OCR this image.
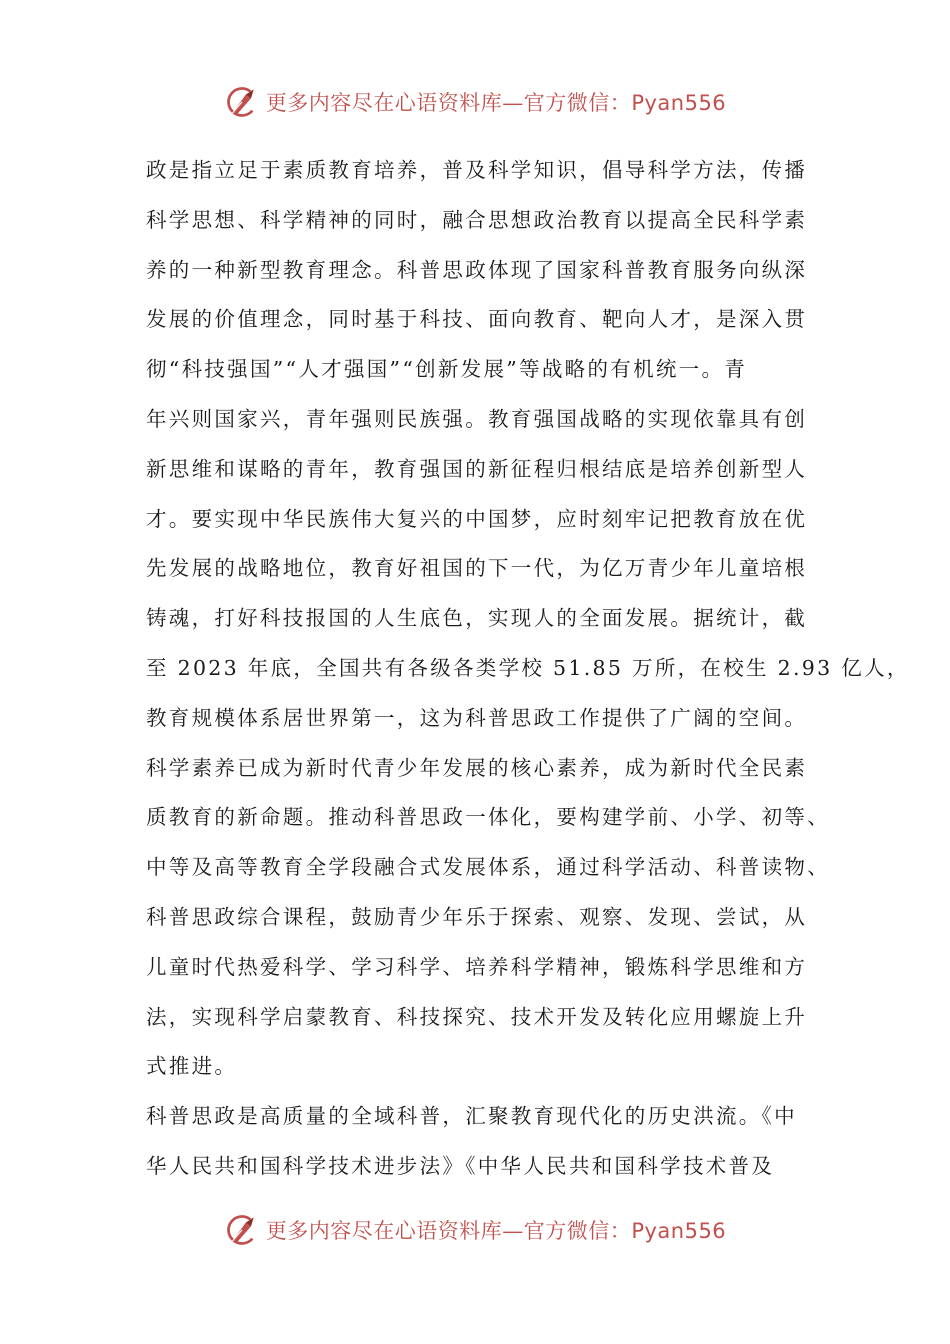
更多内容尽在心语资料库—官方微信：Pyan556
政是指立足于素质教育培养，普及科学知识，倡导科学方法，传播
科学思想、科学精神的同时，融合思想政治教育以提高全民科学素
养的一种新型教育理念。科普思政体现了国家科普教育服务向纵深
发展的价值理念，同时基于科技、面向教育、靶向人才，是深入贯
彻“科技强国”“人才强国”“创新发展”等战略的有机统一。青
年兴则国家兴，青年强则民族强。教育强国战略的实现依靠具有创
新思维和谋略的青年，教育强国的新征程归根结底是培养创新型人
才。要实现中华民族伟大复兴的中国梦，应时刻牢记把教育放在优
先发展的战略地位，教育好祖国的下一代，为亿万青少年儿童培根
铸魂，打好科技报国的人生底色，实现人的全面发展。据统计，截
至 2023 年底，全国共有各级各类学校 51.85 万所，在校生 2.93 亿人，
教育规模体系居世界第一，这为科普思政工作提供了广阔的空间。
科学素养已成为新时代青少年发展的核心素养，成为新时代全民素
质教育的新命题。推动科普思政一体化，要构建学前、小学、初等、
中等及高等教育全学段融合式发展体系，通过科学活动、科普读物、
科普思政综合课程，鼓励青少年乐于探索、观察、发现、尝试，从
儿童时代热爱科学、学习科学、培养科学精神，锻炼科学思维和方
法，实现科学启蒙教育、科技探究、技术开发及转化应用螺旋上升
式推进。
科普思政是高质量的全域科普，汇聚教育现代化的历史洪流。《中
华人民共和国科学技术进步法》《中华人民共和国科学技术普及
更多内容尽在心语资料库—官方微信：Pyan556
